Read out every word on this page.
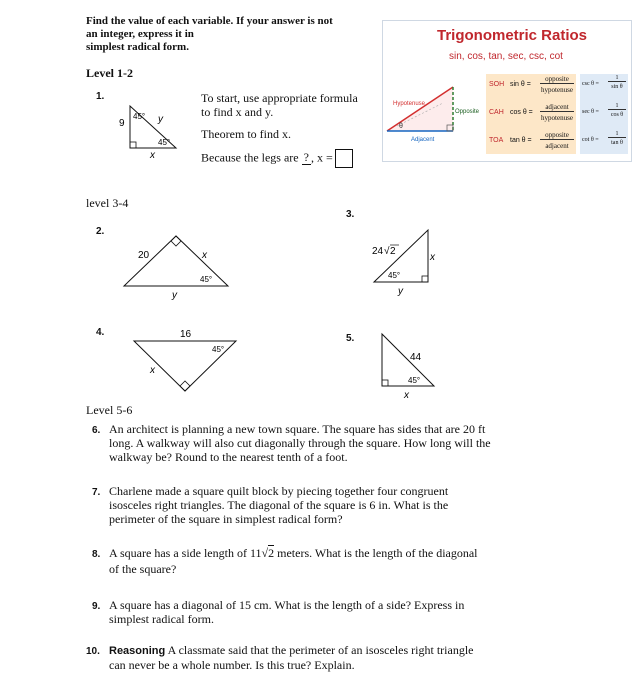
Find the value of each variable. If your answer is not
an integer, express it in
simplest radical form.
Level 1-2
Trigonometric Ratios
sin, cos, tan, sec, csc, cot
θ
Hypotenuse
Opposite
Adjacent
SOH sin θ =
opposite
hypotenuse
CAH cos θ =
adjacent
hypotenuse
TOA tan θ =
opposite
adjacent
csc θ =
1
sin θ
sec θ =
1
cos θ
cot θ =
1
tan θ
1.
9
45°
45°
y
x
To start, use appropriate formula
to find x and y.
Theorem to find x.
Because the legs are ? , x =
level 3-4
2.
20	x
45°
y
3.
24 √ 2
x
45°
y
4.	16
45°
x
5.
44
45°
x
Level 5-6
6. An architect is planning a new town square. The square has sides that are 20 ft
long. A walkway will also cut diagonally through the square. How long will the
walkway be? Round to the nearest tenth of a foot.
7. Charlene made a square quilt block by piecing together four congruent
isosceles right triangles. The diagonal of the square is 6 in. What is the
perimeter of the square in simplest radical form?
8. A square has a side length of 11√2 meters. What is the length of the diagonal
of the square?
9. A square has a diagonal of 15 cm. What is the length of a side? Express in
simplest radical form.
10. Reasoning A classmate said that the perimeter of an isosceles right triangle
can never be a whole number. Is this true? Explain.
